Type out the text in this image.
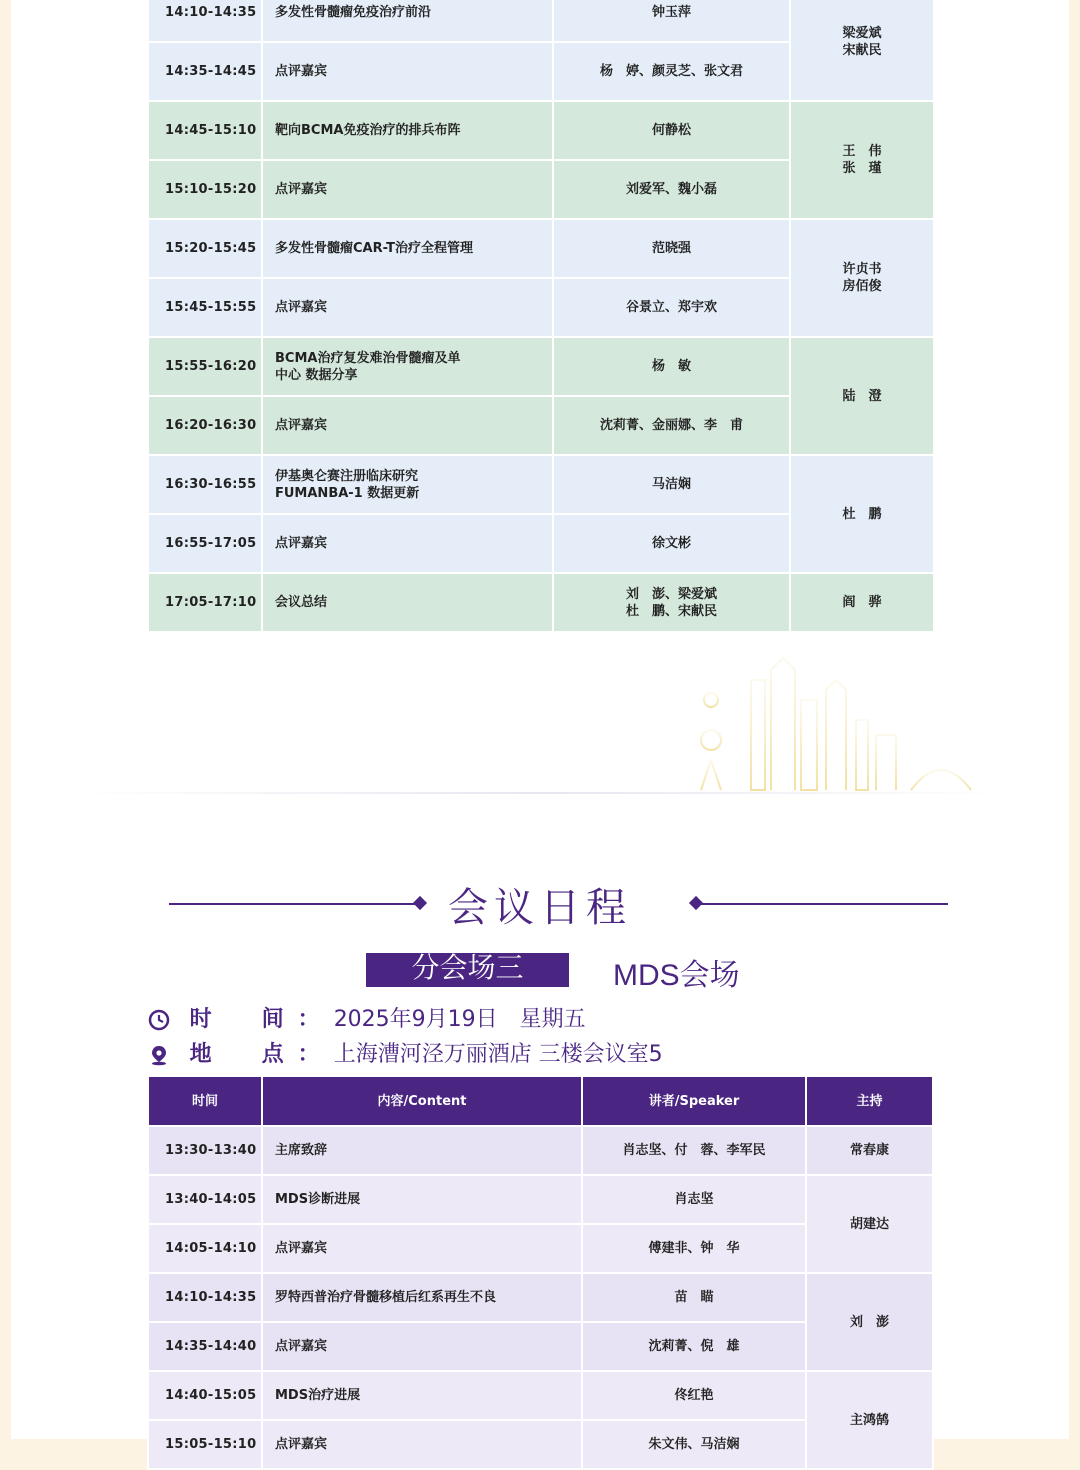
14:10-14:35	多发性骨髓瘤免疫治疗前沿	钟玉萍	梁爱斌
宋献民
14:35-14:45	点评嘉宾	杨　婷、颜灵芝、张文君	
14:45-15:10	靶向BCMA免疫治疗的排兵布阵	何静松	王　伟
张　瑾
15:10-15:20	点评嘉宾	刘爱军、魏小磊	
15:20-15:45	多发性骨髓瘤CAR-T治疗全程管理	范晓强	许贞书
房佰俊
15:45-15:55	点评嘉宾	谷景立、郑宇欢	
15:55-16:20	BCMA治疗复发难治骨髓瘤及单
中心 数据分享	杨　敏	陆　澄
16:20-16:30	点评嘉宾	沈莉菁、金丽娜、李　甫	
16:30-16:55	伊基奥仑赛注册临床研究
FUMANBA-1 数据更新	马洁娴	杜　鹏
16:55-17:05	点评嘉宾	徐文彬	
17:05-17:10	会议总结	刘　澎、梁爱斌
杜　鹏、宋献民	阎　骅
会议日程
分会场三	MDS会场
时　间：2025年9月19日　星期五
地　点：上海漕河泾万丽酒店 三楼会议室5
时间	内容/Content	讲者/Speaker	主持
13:30-13:40	主席致辞	肖志坚、付　蓉、李军民	常春康
13:40-14:05	MDS诊断进展	肖志坚	胡建达
14:05-14:10	点评嘉宾	傅建非、钟　华	
14:10-14:35	罗特西普治疗骨髓移植后红系再生不良	苗　瞄	刘　澎
14:35-14:40	点评嘉宾	沈莉菁、倪　雄	
14:40-15:05	MDS治疗进展	佟红艳	主鸿鹄
15:05-15:10	点评嘉宾	朱文伟、马洁娴	
